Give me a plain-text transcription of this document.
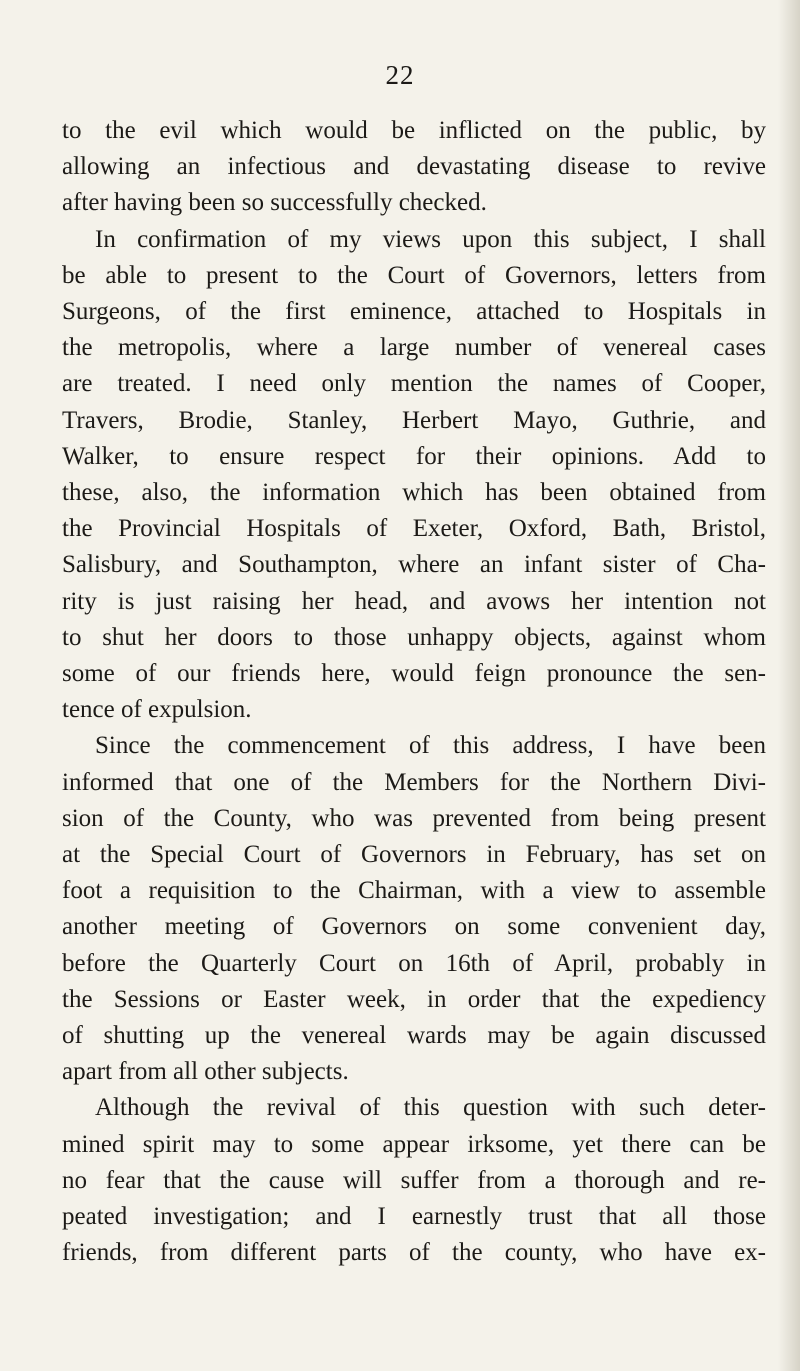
22
to the evil which would be inflicted on the public, by
allowing an infectious and devastating disease to revive
after having been so successfully checked.
In confirmation of my views upon this subject, I shall
be able to present to the Court of Governors, letters from
Surgeons, of the first eminence, attached to Hospitals in
the metropolis, where a large number of venereal cases
are treated. I need only mention the names of Cooper,
Travers, Brodie, Stanley, Herbert Mayo, Guthrie, and
Walker, to ensure respect for their opinions. Add to
these, also, the information which has been obtained from
the Provincial Hospitals of Exeter, Oxford, Bath, Bristol,
Salisbury, and Southampton, where an infant sister of Cha-
rity is just raising her head, and avows her intention not
to shut her doors to those unhappy objects, against whom
some of our friends here, would feign pronounce the sen-
tence of expulsion.
Since the commencement of this address, I have been
informed that one of the Members for the Northern Divi-
sion of the County, who was prevented from being present
at the Special Court of Governors in February, has set on
foot a requisition to the Chairman, with a view to assemble
another meeting of Governors on some convenient day,
before the Quarterly Court on 16th of April, probably in
the Sessions or Easter week, in order that the expediency
of shutting up the venereal wards may be again discussed
apart from all other subjects.
Although the revival of this question with such deter-
mined spirit may to some appear irksome, yet there can be
no fear that the cause will suffer from a thorough and re-
peated investigation; and I earnestly trust that all those
friends, from different parts of the county, who have ex-
